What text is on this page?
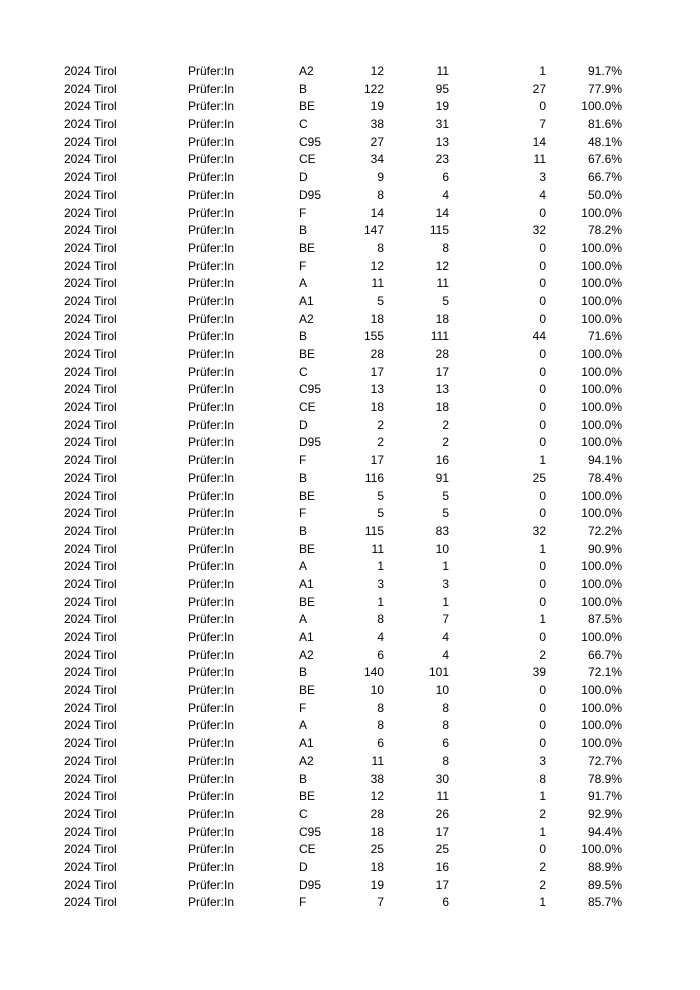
2024 Tirol	Prüfer:In	A2	12	11	1	91.7%
2024 Tirol	Prüfer:In	B	122	95	27	77.9%
2024 Tirol	Prüfer:In	BE	19	19	0	100.0%
2024 Tirol	Prüfer:In	C	38	31	7	81.6%
2024 Tirol	Prüfer:In	C95	27	13	14	48.1%
2024 Tirol	Prüfer:In	CE	34	23	11	67.6%
2024 Tirol	Prüfer:In	D	9	6	3	66.7%
2024 Tirol	Prüfer:In	D95	8	4	4	50.0%
2024 Tirol	Prüfer:In	F	14	14	0	100.0%
2024 Tirol	Prüfer:In	B	147	115	32	78.2%
2024 Tirol	Prüfer:In	BE	8	8	0	100.0%
2024 Tirol	Prüfer:In	F	12	12	0	100.0%
2024 Tirol	Prüfer:In	A	11	11	0	100.0%
2024 Tirol	Prüfer:In	A1	5	5	0	100.0%
2024 Tirol	Prüfer:In	A2	18	18	0	100.0%
2024 Tirol	Prüfer:In	B	155	111	44	71.6%
2024 Tirol	Prüfer:In	BE	28	28	0	100.0%
2024 Tirol	Prüfer:In	C	17	17	0	100.0%
2024 Tirol	Prüfer:In	C95	13	13	0	100.0%
2024 Tirol	Prüfer:In	CE	18	18	0	100.0%
2024 Tirol	Prüfer:In	D	2	2	0	100.0%
2024 Tirol	Prüfer:In	D95	2	2	0	100.0%
2024 Tirol	Prüfer:In	F	17	16	1	94.1%
2024 Tirol	Prüfer:In	B	116	91	25	78.4%
2024 Tirol	Prüfer:In	BE	5	5	0	100.0%
2024 Tirol	Prüfer:In	F	5	5	0	100.0%
2024 Tirol	Prüfer:In	B	115	83	32	72.2%
2024 Tirol	Prüfer:In	BE	11	10	1	90.9%
2024 Tirol	Prüfer:In	A	1	1	0	100.0%
2024 Tirol	Prüfer:In	A1	3	3	0	100.0%
2024 Tirol	Prüfer:In	BE	1	1	0	100.0%
2024 Tirol	Prüfer:In	A	8	7	1	87.5%
2024 Tirol	Prüfer:In	A1	4	4	0	100.0%
2024 Tirol	Prüfer:In	A2	6	4	2	66.7%
2024 Tirol	Prüfer:In	B	140	101	39	72.1%
2024 Tirol	Prüfer:In	BE	10	10	0	100.0%
2024 Tirol	Prüfer:In	F	8	8	0	100.0%
2024 Tirol	Prüfer:In	A	8	8	0	100.0%
2024 Tirol	Prüfer:In	A1	6	6	0	100.0%
2024 Tirol	Prüfer:In	A2	11	8	3	72.7%
2024 Tirol	Prüfer:In	B	38	30	8	78.9%
2024 Tirol	Prüfer:In	BE	12	11	1	91.7%
2024 Tirol	Prüfer:In	C	28	26	2	92.9%
2024 Tirol	Prüfer:In	C95	18	17	1	94.4%
2024 Tirol	Prüfer:In	CE	25	25	0	100.0%
2024 Tirol	Prüfer:In	D	18	16	2	88.9%
2024 Tirol	Prüfer:In	D95	19	17	2	89.5%
2024 Tirol	Prüfer:In	F	7	6	1	85.7%
